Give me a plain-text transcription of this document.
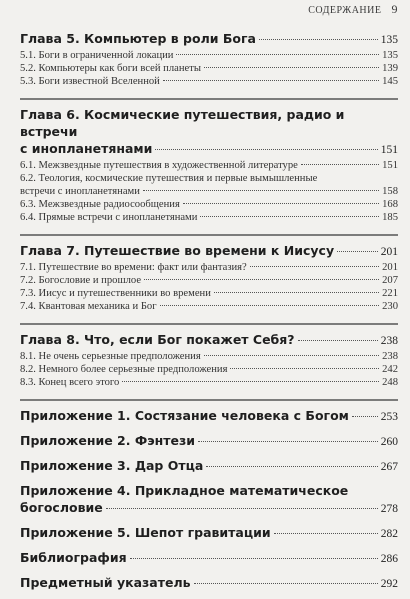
СОДЕРЖАНИЕ 9
Глава 5. Компьютер в роли Бога	135
5.1. Боги в ограниченной локации	135
5.2. Компьютеры как боги всей планеты	139
5.3. Боги известной Вселенной	145
Глава 6. Космические путешествия, радио и встречи
с инопланетянами	151
6.1. Межзвездные путешествия в художественной литературе	151
6.2. Теология, космические путешествия и первые вымышленные
встречи с инопланетянами	158
6.3. Межзвездные радиосообщения	168
6.4. Прямые встречи с инопланетянами	185
Глава 7. Путешествие во времени к Иисусу	201
7.1. Путешествие во времени: факт или фантазия?	201
7.2. Богословие и прошлое	207
7.3. Иисус и путешественники во времени	221
7.4. Квантовая механика и Бог	230
Глава 8. Что, если Бог покажет Себя?	238
8.1. Не очень серьезные предположения	238
8.2. Немного более серьезные предположения	242
8.3. Конец всего этого	248
Приложение 1. Состязание человека с Богом	253
Приложение 2. Фэнтези	260
Приложение 3. Дар Отца	267
Приложение 4. Прикладное математическое
богословие	278
Приложение 5. Шепот гравитации	282
Библиография	286
Предметный указатель	292
